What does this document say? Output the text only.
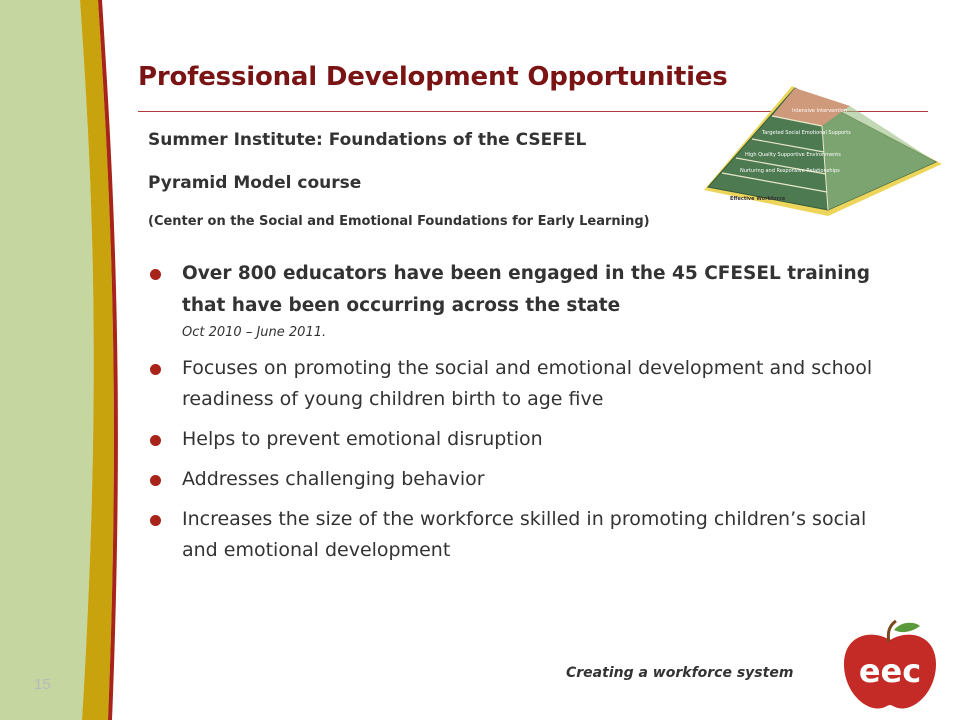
Professional Development Opportunities
Summer Institute: Foundations of the CSEFEL
Pyramid Model course
(Center on the Social and Emotional Foundations for Early Learning)
Intensive Intervention
Targeted Social Emotional Supports
High Quality Supportive Environments
Nurturing and Responsive Relationships
Effective Workforce
Over 800 educators have been engaged in the 45 CFESEL training that have been occurring across the state
Oct 2010 – June 2011.
Focuses on promoting the social and emotional development and school readiness of young children birth to age five
Helps to prevent emotional disruption
Addresses challenging behavior
Increases the size of the workforce skilled in promoting children’s social and emotional development
15
Creating a workforce system eec
